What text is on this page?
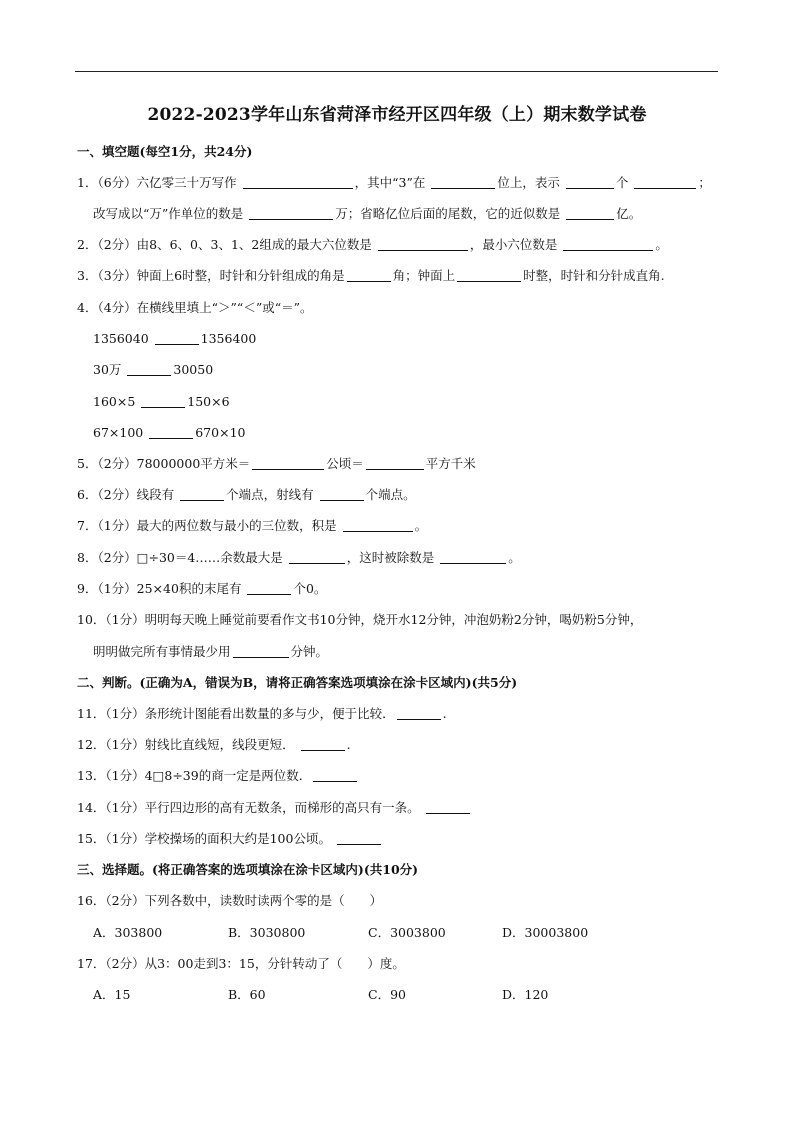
2022-2023学年山东省菏泽市经开区四年级（上）期末数学试卷
一、填空题(每空1分，共24分)
1．（6分）六亿零三十万写作	，其中“3”在	位上，表示	个	；
改写成以“万”作单位的数是	万；省略亿位后面的尾数，它的近似数是	亿。
2．（2分）由8、6、0、3、1、2组成的最大六位数是	，最小六位数是	。
3．（3分）钟面上6时整，时针和分针组成的角是	角；钟面上	时整，时针和分针成直角.
4．（4分）在横线里填上“＞”“＜”或“＝”。
1356040	1356400
30万	30050
160×5	150×6
67×100	670×10
5．（2分）78000000平方米＝	公顷＝	平方千米
6．（2分）线段有	个端点，射线有	个端点。
7．（1分）最大的两位数与最小的三位数，积是	。
8．（2分）□÷30＝4……余数最大是	，这时被除数是	。
9．（1分）25×40积的末尾有	个0。
10．（1分）明明每天晚上睡觉前要看作文书10分钟，烧开水12分钟，冲泡奶粉2分钟，喝奶粉5分钟，
明明做完所有事情最少用	分钟。
二、判断。(正确为A，错误为B，请将正确答案选项填涂在涂卡区域内)(共5分)
11．（1分）条形统计图能看出数量的多与少，便于比较．	.
12．（1分）射线比直线短，线段更短．	.
13．（1分）4□8÷39的商一定是两位数．
14．（1分）平行四边形的高有无数条，而梯形的高只有一条。
15．（1分）学校操场的面积大约是100公顷。
三、选择题。(将正确答案的选项填涂在涂卡区域内)(共10分)
16．（2分）下列各数中，读数时读两个零的是（　　）
A．303800	B．3030800	C．3003800	D．30003800
17．（2分）从3：00走到3：15，分针转动了（　　）度。
A．15	B．60	C．90	D．120
